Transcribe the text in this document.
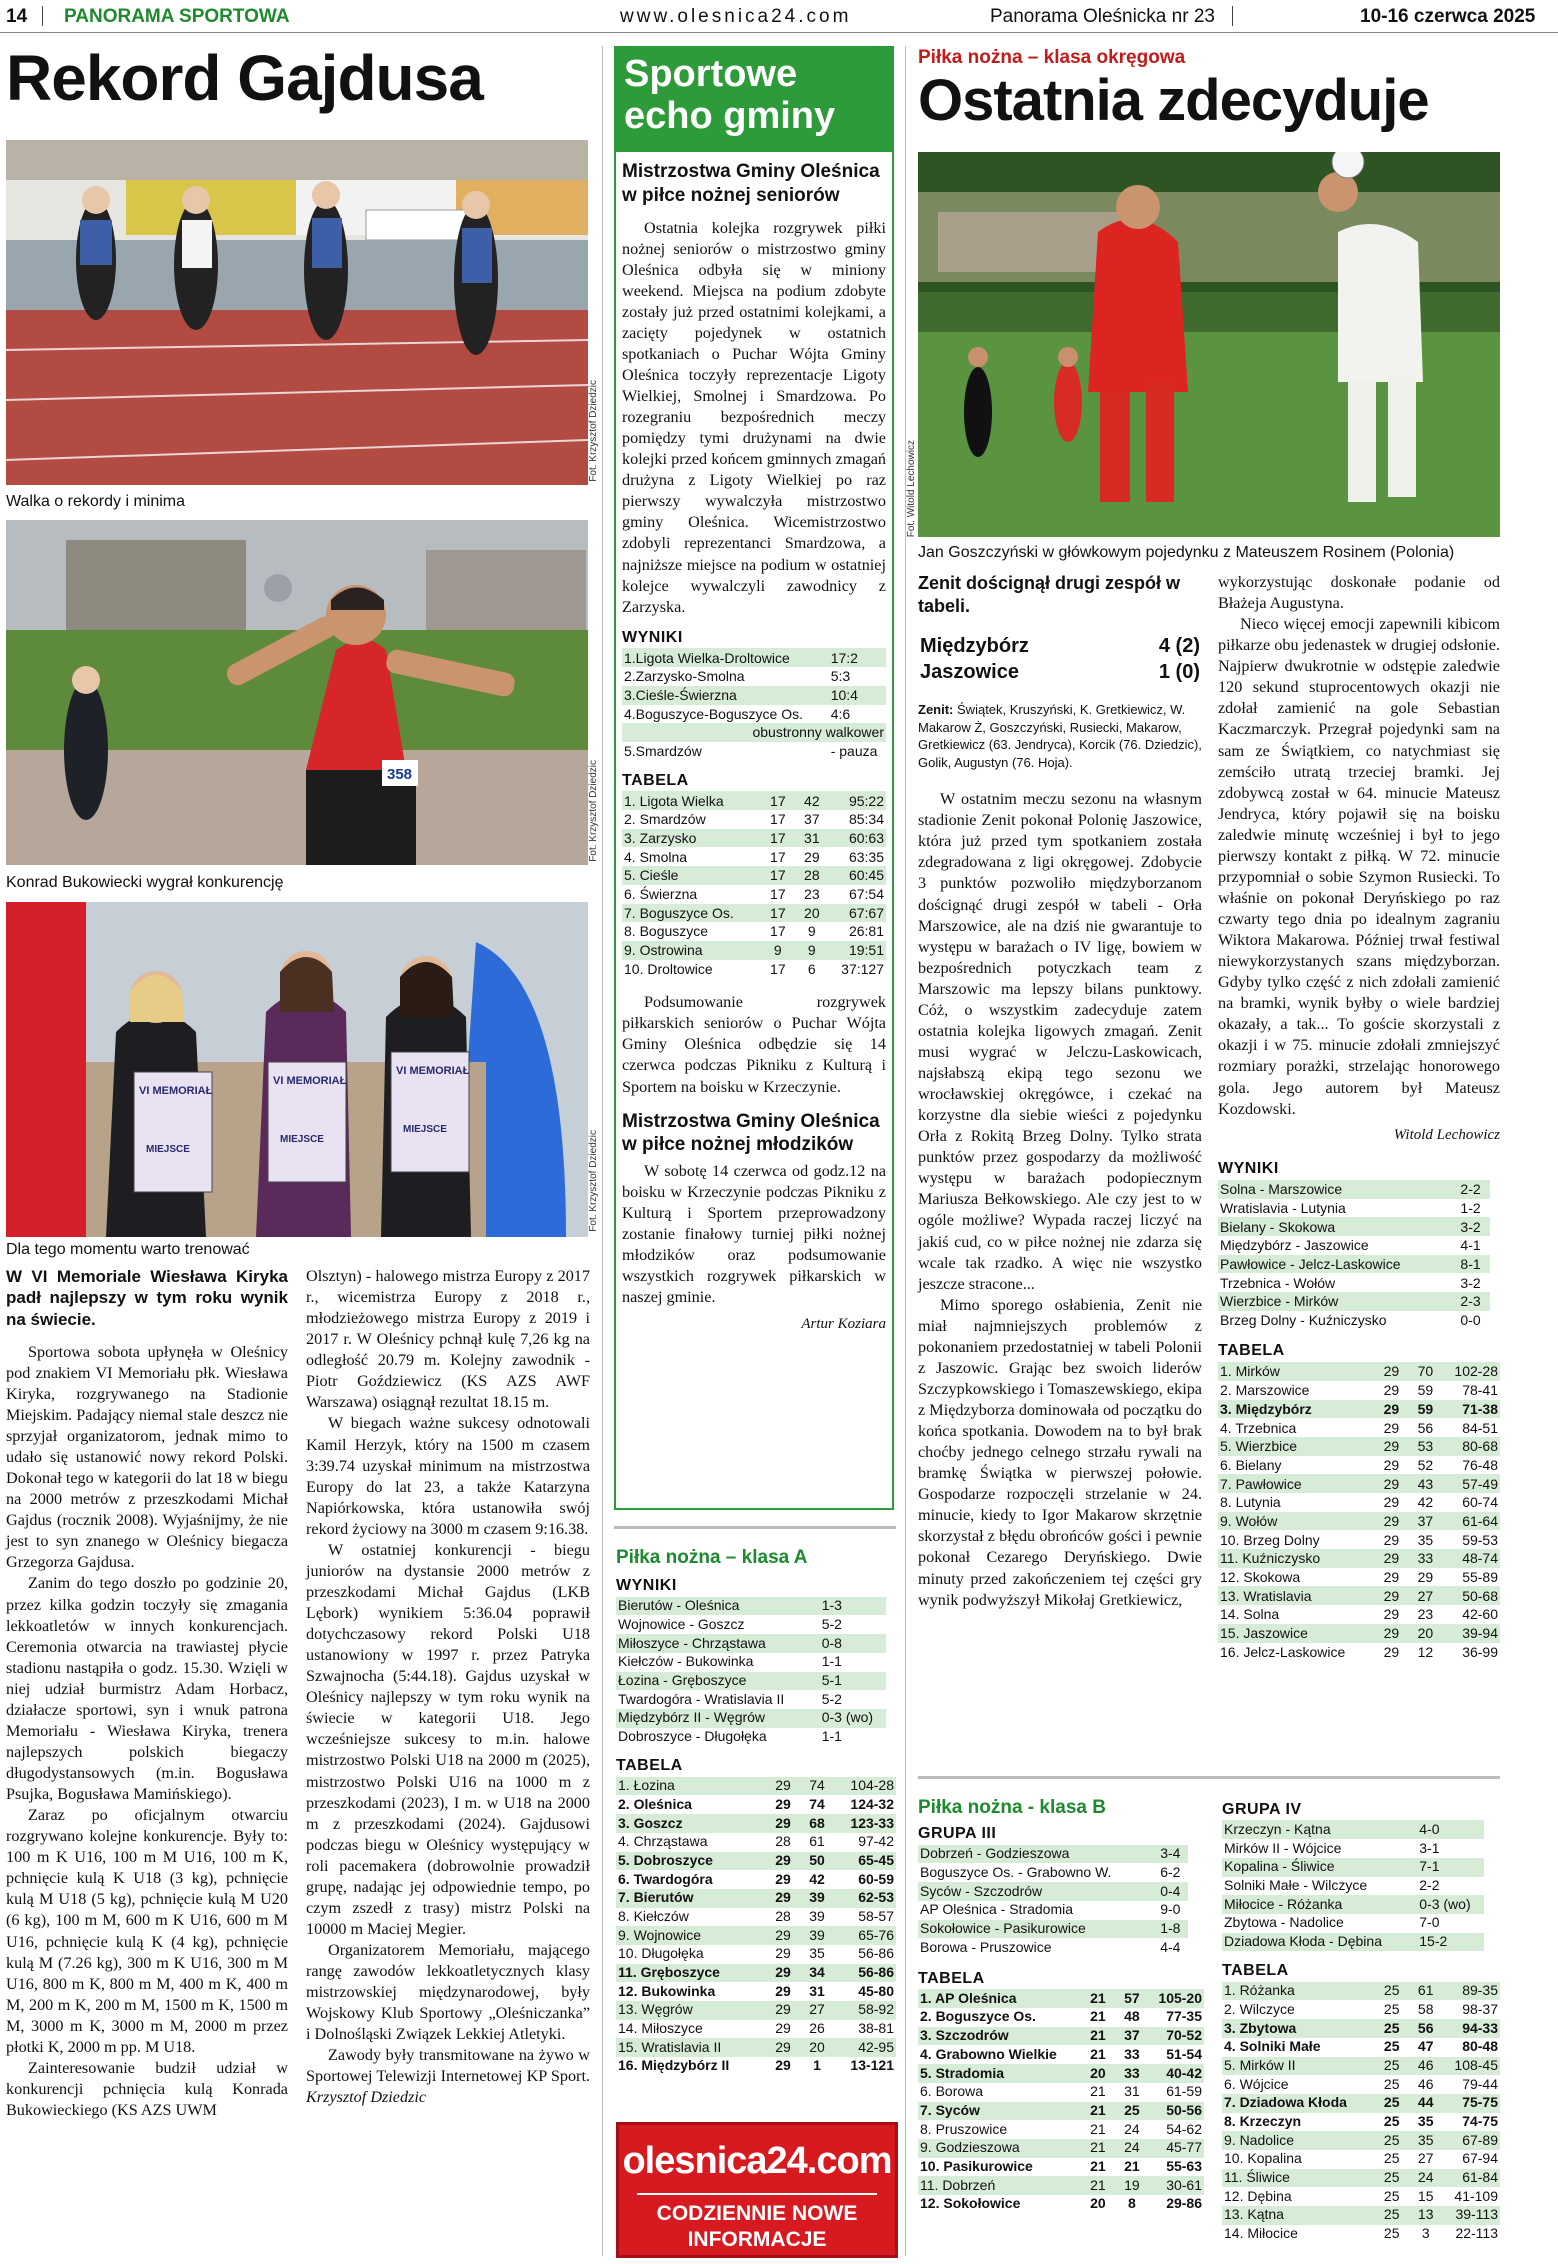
14 PANORAMA SPORTOWA	www.olesnica24.com	Panorama Oleśnicka nr 23	10-16 czerwca 2025
Rekord Gajdusa
Fot. Krzysztof Dziedzic
Walka o rekordy i minima
358	Fot. Krzysztof Dziedzic
Konrad Bukowiecki wygrał konkurencję
VI MEMORIAŁ
MIEJSCE
VI MEMORIAŁ
MIEJSCE
VI MEMORIAŁ
MIEJSCE
Fot. Krzysztof Dziedzic
Dla tego momentu warto trenować
W VI Memoriale Wiesława Kiryka padł najlepszy w tym roku wynik na świecie.

Sportowa sobota upłynęła w Oleśnicy pod znakiem VI Memoriału płk. Wiesława Kiryka, rozgrywanego na Stadionie Miejskim. Padający niemal stale deszcz nie sprzyjał organizatorom, jednak mimo to udało się ustanowić nowy rekord Polski. Dokonał tego w kategorii do lat 18 w biegu na 2000 metrów z przeszkodami Michał Gajdus (rocznik 2008). Wyjaśnijmy, że nie jest to syn znanego w Oleśnicy biegacza Grzegorza Gajdusa.

Zanim do tego doszło po godzinie 20, przez kilka godzin toczyły się zmagania lekkoatletów w innych konkurencjach. Ceremonia otwarcia na trawiastej płycie stadionu nastąpiła o godz. 15.30. Wzięli w niej udział burmistrz Adam Horbacz, działacze sportowi, syn i wnuk patrona Memoriału - Wiesława Kiryka, trenera najlepszych polskich biegaczy długodystansowych (m.in. Bogusława Psujka, Bogusława Mamińskiego).

Zaraz po oficjalnym otwarciu rozgrywano kolejne konkurencje. Były to: 100 m K U16, 100 m M U16, 100 m K, pchnięcie kulą K U18 (3 kg), pchnięcie kulą M U18 (5 kg), pchnięcie kulą M U20 (6 kg), 100 m M, 600 m K U16, 600 m M U16, pchnięcie kulą K (4 kg), pchnięcie kulą M (7.26 kg), 300 m K U16, 300 m M U16, 800 m K, 800 m M, 400 m K, 400 m M, 200 m K, 200 m M, 1500 m K, 1500 m M, 3000 m K, 3000 m M, 2000 m przez płotki K, 2000 m pp. M U18.

Zainteresowanie budził udział w konkurencji pchnięcia kulą Konrada Bukowieckiego (KS AZS UWM

Olsztyn) - halowego mistrza Europy z 2017 r., wicemistrza Europy z 2018 r., młodzieżowego mistrza Europy z 2019 i 2017 r. W Oleśnicy pchnął kulę 7,26 kg na odległość 20.79 m. Kolejny zawodnik - Piotr Goździewicz (KS AZS AWF Warszawa) osiągnął rezultat 18.15 m.

W biegach ważne sukcesy odnotowali Kamil Herzyk, który na 1500 m czasem 3:39.74 uzyskał minimum na mistrzostwa Europy do lat 23, a także Katarzyna Napiórkowska, która ustanowiła swój rekord życiowy na 3000 m czasem 9:16.38.

W ostatniej konkurencji - biegu juniorów na dystansie 2000 metrów z przeszkodami Michał Gajdus (LKB Lębork) wynikiem 5:36.04 poprawił dotychczasowy rekord Polski U18 ustanowiony w 1997 r. przez Patryka Szwajnocha (5:44.18). Gajdus uzyskał w Oleśnicy najlepszy w tym roku wynik na świecie w kategorii U18. Jego wcześniejsze sukcesy to m.in. halowe mistrzostwo Polski U18 na 2000 m (2025), mistrzostwo Polski U16 na 1000 m z przeszkodami (2023), I m. w U18 na 2000 m z przeszkodami (2024). Gajdusowi podczas biegu w Oleśnicy występujący w roli pacemakera (dobrowolnie prowadził grupę, nadając jej odpowiednie tempo, po czym zszedł z trasy) mistrz Polski na 10000 m Maciej Megier.

Organizatorem Memoriału, mającego rangę zawodów lekkoatletycznych klasy mistrzowskiej międzynarodowej, były Wojskowy Klub Sportowy „Oleśniczanka” i Dolnośląski Związek Lekkiej Atletyki.

Zawody były transmitowane na żywo w Sportowej Telewizji Internetowej KP Sport. Krzysztof Dziedzic

Sportowe echo gminy
Mistrzostwa Gminy Oleśnica w piłce nożnej seniorów

Ostatnia kolejka rozgrywek piłki nożnej seniorów o mistrzostwo gminy Oleśnica odbyła się w miniony weekend. Miejsca na podium zdobyte zostały już przed ostatnimi kolejkami, a zacięty pojedynek w ostatnich spotkaniach o Puchar Wójta Gminy Oleśnica toczyły reprezentacje Ligoty Wielkiej, Smolnej i Smardzowa. Po rozegraniu bezpośrednich meczy pomiędzy tymi drużynami na dwie kolejki przed końcem gminnych zmagań drużyna z Ligoty Wielkiej po raz pierwszy wywalczyła mistrzostwo gminy Oleśnica. Wicemistrzostwo zdobyli reprezentanci Smardzowa, a najniższe miejsce na podium w ostatniej kolejce wywalczyli zawodnicy z Zarzyska.

WYNIKI
1.Ligota Wielka-Droltowice	17:2
2.Zarzysko-Smolna	5:3
3.Cieśle-Świerzna	10:4
4.Boguszyce-Boguszyce Os.	4:6
obustronny walkower	
5.Smardzów	- pauza
TABELA
1. Ligota Wielka	17	42	95:22
2. Smardzów	17	37	85:34
3. Zarzysko	17	31	60:63
4. Smolna	17	29	63:35
5. Cieśle	17	28	60:45
6. Świerzna	17	23	67:54
7. Boguszyce Os.	17	20	67:67
8. Boguszyce	17	9	26:81
9. Ostrowina	9	9	19:51
10. Droltowice	17	6	37:127

Podsumowanie rozgrywek piłkarskich seniorów o Puchar Wójta Gminy Oleśnica odbędzie się 14 czerwca podczas Pikniku z Kulturą i Sportem na boisku w Krzeczynie.

Mistrzostwa Gminy Oleśnica w piłce nożnej młodzików

W sobotę 14 czerwca od godz.12 na boisku w Krzeczynie podczas Pikniku z Kulturą i Sportem przeprowadzony zostanie finałowy turniej piłki nożnej młodzików oraz podsumowanie wszystkich rozgrywek piłkarskich w naszej gminie.

Artur Koziara
Piłka nożna – klasa A
WYNIKI
Bierutów - Oleśnica	1-3
Wojnowice - Goszcz	5-2
Miłoszyce - Chrząstawa	0-8
Kiełczów - Bukowinka	1-1
Łozina - Gręboszyce	5-1
Twardogóra - Wratislavia II	5-2
Międzybórz II - Węgrów	0-3 (wo)
Dobroszyce - Długołęka	1-1
TABELA
1. Łozina	29	74	104-28
2. Oleśnica	29	74	124-32
3. Goszcz	29	68	123-33
4. Chrząstawa	28	61	97-42
5. Dobroszyce	29	50	65-45
6. Twardogóra	29	42	60-59
7. Bierutów	29	39	62-53
8. Kiełczów	28	39	58-57
9. Wojnowice	29	39	65-76
10. Długołęka	29	35	56-86
11. Gręboszyce	29	34	56-86
12. Bukowinka	29	31	45-80
13. Węgrów	29	27	58-92
14. Miłoszyce	29	26	38-81
15. Wratislavia II	29	20	42-95
16. Międzybórz II	29	1	13-121
olesnica24.com
CODZIENNIE NOWE
INFORMACJE
Piłka nożna – klasa okręgowa
Ostatnia zdecyduje
Fot. Witold Lechowicz
Jan Goszczyński w główkowym pojedynku z Mateuszem Rosinem (Polonia)
Zenit doścignął drugi zespół w tabeli.
Międzybórz	4 (2)
Jaszowice	1 (0)
Zenit: Świątek, Kruszyński, K. Gretkiewicz, W. Makarow Ż, Goszczyński, Rusiecki, Makarow, Gretkiewicz (63. Jendryca), Korcik (76. Dziedzic), Golik, Augustyn (76. Hoja).

W ostatnim meczu sezonu na własnym stadionie Zenit pokonał Polonię Jaszowice, która już przed tym spotkaniem została zdegradowana z ligi okręgowej. Zdobycie 3 punktów pozwoliło międzyborzanom doścignąć drugi zespół w tabeli - Orła Marszowice, ale na dziś nie gwarantuje to występu w barażach o IV ligę, bowiem w bezpośrednich potyczkach team z Marszowic ma lepszy bilans punktowy. Cóż, o wszystkim zadecyduje zatem ostatnia kolejka ligowych zmagań. Zenit musi wygrać w Jelczu-Laskowicach, najsłabszą ekipą tego sezonu we wrocławskiej okręgówce, i czekać na korzystne dla siebie wieści z pojedynku Orła z Rokitą Brzeg Dolny. Tylko strata punktów przez gospodarzy da możliwość występu w barażach podopiecznym Mariusza Bełkowskiego. Ale czy jest to w ogóle możliwe? Wypada raczej liczyć na jakiś cud, co w piłce nożnej nie zdarza się wcale tak rzadko. A więc nie wszystko jeszcze stracone...

Mimo sporego osłabienia, Zenit nie miał najmniejszych problemów z pokonaniem przedostatniej w tabeli Polonii z Jaszowic. Grając bez swoich liderów Szczypkowskiego i Tomaszewskiego, ekipa z Międzyborza dominowała od początku do końca spotkania. Dowodem na to był brak choćby jednego celnego strzału rywali na bramkę Świątka w pierwszej połowie. Gospodarze rozpoczęli strzelanie w 24. minucie, kiedy to Igor Makarow skrzętnie skorzystał z błędu obrońców gości i pewnie pokonał Cezarego Deryńskiego. Dwie minuty przed zakończeniem tej części gry wynik podwyższył Mikołaj Gretkiewicz,

wykorzystując doskonałe podanie od Błażeja Augustyna.

Nieco więcej emocji zapewnili kibicom piłkarze obu jedenastek w drugiej odsłonie. Najpierw dwukrotnie w odstępie zaledwie 120 sekund stuprocentowych okazji nie zdołał zamienić na gole Sebastian Kaczmarczyk. Przegrał pojedynki sam na sam ze Świątkiem, co natychmiast się zemściło utratą trzeciej bramki. Jej zdobywcą został w 64. minucie Mateusz Jendryca, który pojawił się na boisku zaledwie minutę wcześniej i był to jego pierwszy kontakt z piłką. W 72. minucie przypomniał o sobie Szymon Rusiecki. To właśnie on pokonał Deryńskiego po raz czwarty tego dnia po idealnym zagraniu Wiktora Makarowa. Później trwał festiwal niewykorzystanych szans międzyborzan. Gdyby tylko część z nich zdołali zamienić na bramki, wynik byłby o wiele bardziej okazały, a tak... To goście skorzystali z okazji i w 75. minucie zdołali zmniejszyć rozmiary porażki, strzelając honorowego gola. Jego autorem był Mateusz Kozdowski.

Witold Lechowicz
WYNIKI
Solna - Marszowice	2-2
Wratislavia - Lutynia	1-2
Bielany - Skokowa	3-2
Międzybórz - Jaszowice	4-1
Pawłowice - Jelcz-Laskowice	8-1
Trzebnica - Wołów	3-2
Wierzbice - Mirków	2-3
Brzeg Dolny - Kuźniczysko	0-0
TABELA
1. Mirków	29	70	102-28
2. Marszowice	29	59	78-41
3. Międzybórz	29	59	71-38
4. Trzebnica	29	56	84-51
5. Wierzbice	29	53	80-68
6. Bielany	29	52	76-48
7. Pawłowice	29	43	57-49
8. Lutynia	29	42	60-74
9. Wołów	29	37	61-64
10. Brzeg Dolny	29	35	59-53
11. Kuźniczysko	29	33	48-74
12. Skokowa	29	29	55-89
13. Wratislavia	29	27	50-68
14. Solna	29	23	42-60
15. Jaszowice	29	20	39-94
16. Jelcz-Laskowice	29	12	36-99
Piłka nożna - klasa B
GRUPA III
Dobrzeń - Godzieszowa	3-4
Boguszyce Os. - Grabowno W.	6-2
Syców - Szczodrów	0-4
AP Oleśnica - Stradomia	9-0
Sokołowice - Pasikurowice	1-8
Borowa - Pruszowice	4-4
TABELA
1. AP Oleśnica	21	57	105-20
2. Boguszyce Os.	21	48	77-35
3. Szczodrów	21	37	70-52
4. Grabowno Wielkie	21	33	51-54
5. Stradomia	20	33	40-42
6. Borowa	21	31	61-59
7. Syców	21	25	50-56
8. Pruszowice	21	24	54-62
9. Godzieszowa	21	24	45-77
10. Pasikurowice	21	21	55-63
11. Dobrzeń	21	19	30-61
12. Sokołowice	20	8	29-86
GRUPA IV
Krzeczyn - Kątna	4-0
Mirków II - Wójcice	3-1
Kopalina - Śliwice	7-1
Solniki Małe - Wilczyce	2-2
Miłocice - Różanka	0-3 (wo)
Zbytowa - Nadolice	7-0
Dziadowa Kłoda - Dębina	15-2
TABELA
1. Różanka	25	61	89-35
2. Wilczyce	25	58	98-37
3. Zbytowa	25	56	94-33
4. Solniki Małe	25	47	80-48
5. Mirków II	25	46	108-45
6. Wójcice	25	46	79-44
7. Dziadowa Kłoda	25	44	75-75
8. Krzeczyn	25	35	74-75
9. Nadolice	25	35	67-89
10. Kopalina	25	27	67-94
11. Śliwice	25	24	61-84
12. Dębina	25	15	41-109
13. Kątna	25	13	39-113
14. Miłocice	25	3	22-113
